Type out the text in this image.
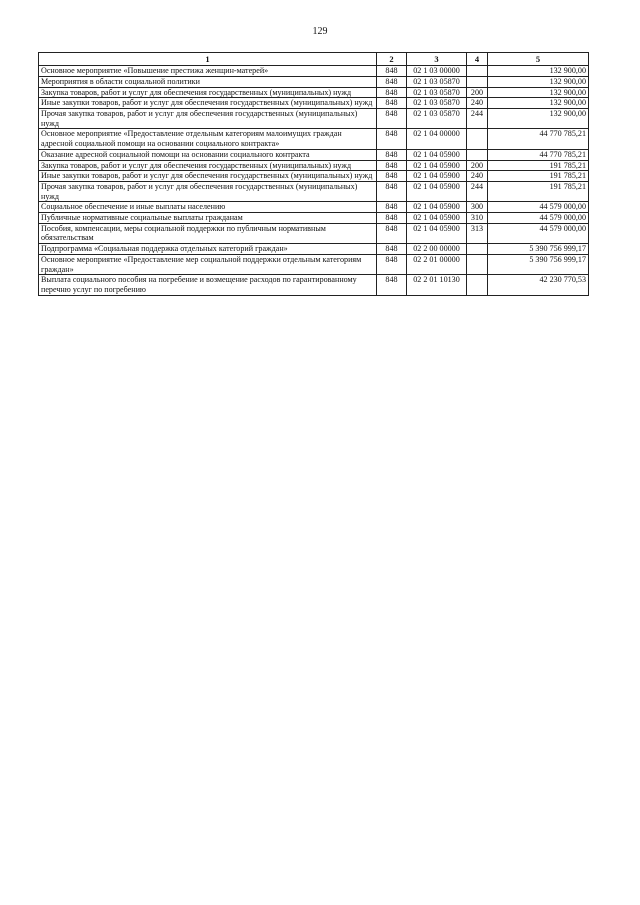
129
1	2	3	4	5
Основное мероприятие «Повышение престижа женщин-матерей»	848	02 1 03 00000		132 900,00
Мероприятия в области социальной политики	848	02 1 03 05870		132 900,00
Закупка товаров, работ и услуг для обеспечения государственных (муниципальных) нужд	848	02 1 03 05870	200	132 900,00
Иные закупки товаров, работ и услуг для обеспечения государственных (муниципальных) нужд	848	02 1 03 05870	240	132 900,00
Прочая закупка товаров, работ и услуг для обеспечения государственных (муниципальных) нужд	848	02 1 03 05870	244	132 900,00
Основное мероприятие «Предоставление отдельным категориям малоимущих граждан адресной социальной помощи на основании социального контракта»	848	02 1 04 00000		44 770 785,21
Оказание адресной социальной помощи на основании социального контракта	848	02 1 04 05900		44 770 785,21
Закупка товаров, работ и услуг для обеспечения государственных (муниципальных) нужд	848	02 1 04 05900	200	191 785,21
Иные закупки товаров, работ и услуг для обеспечения государственных (муниципальных) нужд	848	02 1 04 05900	240	191 785,21
Прочая закупка товаров, работ и услуг для обеспечения государственных (муниципальных) нужд	848	02 1 04 05900	244	191 785,21
Социальное обеспечение и иные выплаты населению	848	02 1 04 05900	300	44 579 000,00
Публичные нормативные социальные выплаты гражданам	848	02 1 04 05900	310	44 579 000,00
Пособия, компенсации, меры социальной поддержки по публичным нормативным обязательствам	848	02 1 04 05900	313	44 579 000,00
Подпрограмма «Социальная поддержка отдельных категорий граждан»	848	02 2 00 00000		5 390 756 999,17
Основное мероприятие «Предоставление мер социальной поддержки отдельным категориям граждан»	848	02 2 01 00000		5 390 756 999,17
Выплата социального пособия на погребение и возмещение расходов по гарантированному перечню услуг по погребению	848	02 2 01 10130		42 230 770,53
